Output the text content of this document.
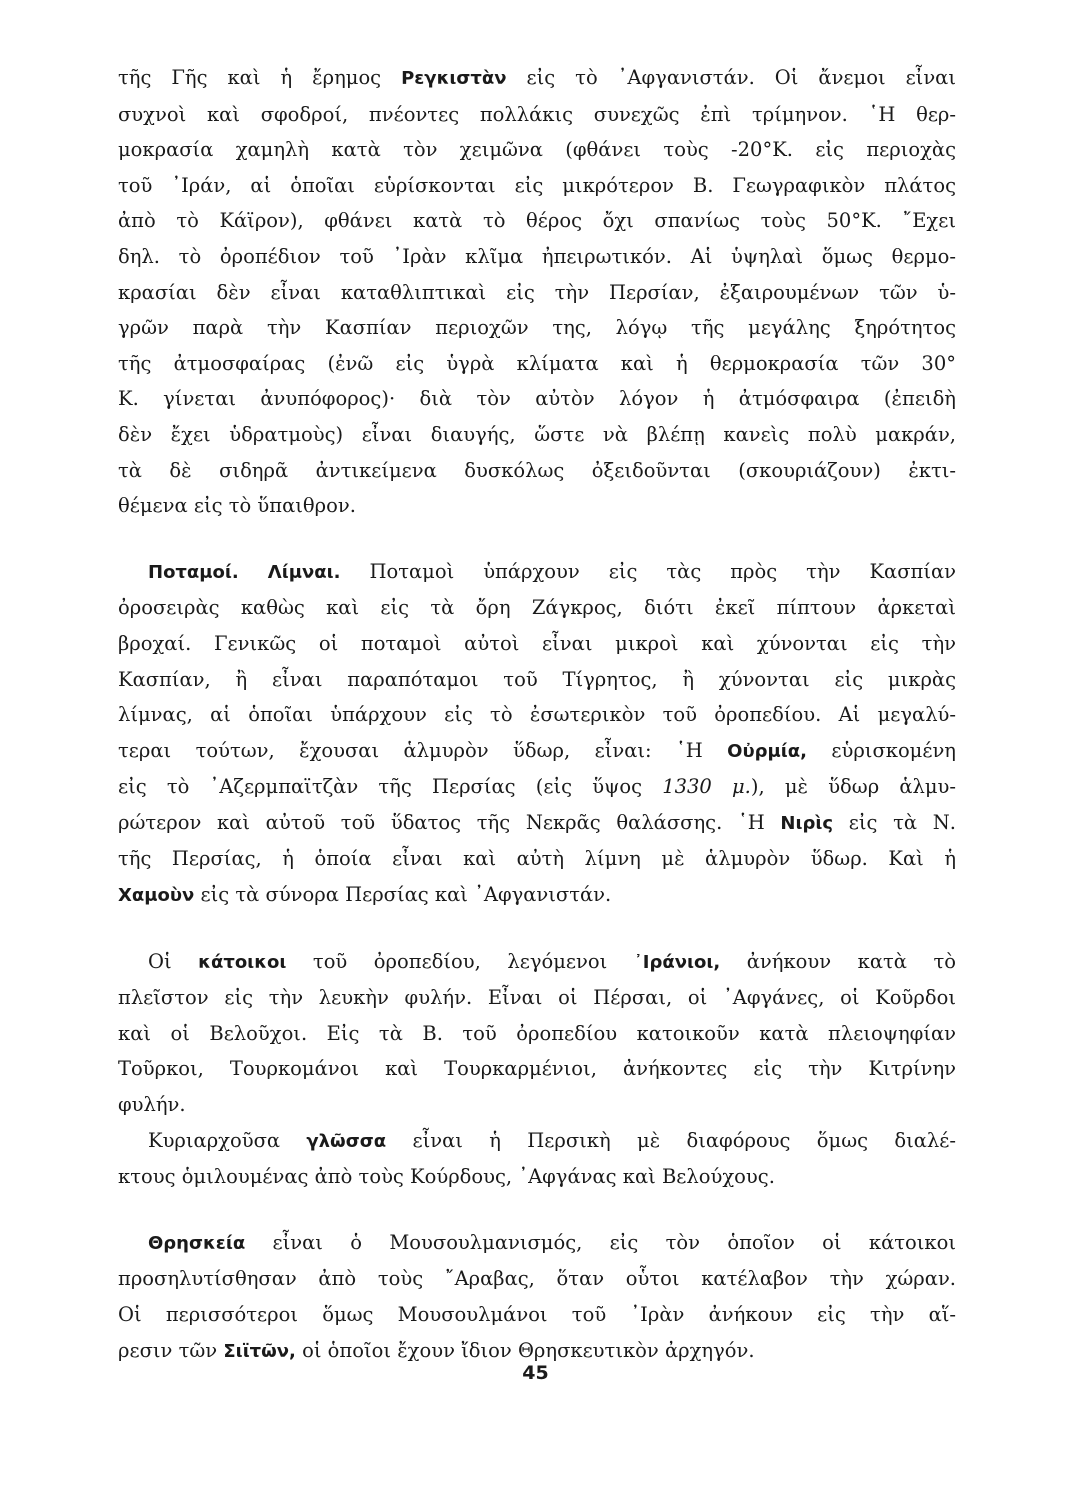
τῆς Γῆς καὶ ἡ ἔρημος Ρεγκιστὰν εἰς τὸ ᾿Αφγανιστάν. Οἱ ἄνεμοι εἶναι
συχνοὶ καὶ σφοδροί, πνέοντες πολλάκις συνεχῶς ἐπὶ τρίμηνον. ῾Η θερ-
μοκρασία χαμηλὴ κατὰ τὸν χειμῶνα (φθάνει τοὺς -20°Κ. εἰς περιοχὰς
τοῦ ᾿Ιράν, αἱ ὁποῖαι εὑρίσκονται εἰς μικρότερον Β. Γεωγραφικὸν πλάτος
ἀπὸ τὸ Κάϊρον), φθάνει κατὰ τὸ θέρος ὄχι σπανίως τοὺς 50°Κ. ῎Εχει
δηλ. τὸ ὀροπέδιον τοῦ ᾿Ιρὰν κλῖμα ἠπειρωτικόν. Αἱ ὑψηλαὶ ὅμως θερμο-
κρασίαι δὲν εἶναι καταθλιπτικαὶ εἰς τὴν Περσίαν, ἐξαιρουμένων τῶν ὑ-
γρῶν παρὰ τὴν Κασπίαν περιοχῶν της, λόγῳ τῆς μεγάλης ξηρότητος
τῆς ἀτμοσφαίρας (ἐνῶ εἰς ὑγρὰ κλίματα καὶ ἡ θερμοκρασία τῶν 30°
Κ. γίνεται ἀνυπόφορος)· διὰ τὸν αὐτὸν λόγον ἡ ἀτμόσφαιρα (ἐπειδὴ
δὲν ἔχει ὑδρατμοὺς) εἶναι διαυγής, ὥστε νὰ βλέπῃ κανεὶς πολὺ μακράν,
τὰ δὲ σιδηρᾶ ἀντικείμενα δυσκόλως ὀξειδοῦνται (σκουριάζουν) ἐκτι-
θέμενα εἰς τὸ ὕπαιθρον.
Ποταμοί. Λίμναι. Ποταμοὶ ὑπάρχουν εἰς τὰς πρὸς τὴν Κασπίαν
ὀροσειρὰς καθὼς καὶ εἰς τὰ ὄρη Ζάγκρος, διότι ἐκεῖ πίπτουν ἀρκεταὶ
βροχαί. Γενικῶς οἱ ποταμοὶ αὐτοὶ εἶναι μικροὶ καὶ χύνονται εἰς τὴν
Κασπίαν, ἢ εἶναι παραπόταμοι τοῦ Τίγρητος, ἢ χύνονται εἰς μικρὰς
λίμνας, αἱ ὁποῖαι ὑπάρχουν εἰς τὸ ἐσωτερικὸν τοῦ ὀροπεδίου. Αἱ μεγαλύ-
τεραι τούτων, ἔχουσαι ἁλμυρὸν ὕδωρ, εἶναι: ῾Η Οὐρμία, εὑρισκομένη
εἰς τὸ ᾿Αζερμπαϊτζὰν τῆς Περσίας (εἰς ὕψος 1330 μ.), μὲ ὕδωρ ἁλμυ-
ρώτερον καὶ αὐτοῦ τοῦ ὕδατος τῆς Νεκρᾶς θαλάσσης. ῾Η Νιρὶς εἰς τὰ Ν.
τῆς Περσίας, ἡ ὁποία εἶναι καὶ αὐτὴ λίμνη μὲ ἁλμυρὸν ὕδωρ. Καὶ ἡ
Χαμοὺν εἰς τὰ σύνορα Περσίας καὶ ᾿Αφγανιστάν.
Οἱ κάτοικοι τοῦ ὀροπεδίου, λεγόμενοι ᾿Ιράνιοι, ἀνήκουν κατὰ τὸ
πλεῖστον εἰς τὴν λευκὴν φυλήν. Εἶναι οἱ Πέρσαι, οἱ ᾿Αφγάνες, οἱ Κοῦρδοι
καὶ οἱ Βελοῦχοι. Εἰς τὰ Β. τοῦ ὀροπεδίου κατοικοῦν κατὰ πλειοψηφίαν
Τοῦρκοι, Τουρκομάνοι καὶ Τουρκαρμένιοι, ἀνήκοντες εἰς τὴν Κιτρίνην
φυλήν.
Κυριαρχοῦσα γλῶσσα εἶναι ἡ Περσικὴ μὲ διαφόρους ὅμως διαλέ-
κτους ὁμιλουμένας ἀπὸ τοὺς Κούρδους, ᾿Αφγάνας καὶ Βελούχους.
Θρησκεία εἶναι ὁ Μουσουλμανισμός, εἰς τὸν ὁποῖον οἱ κάτοικοι
προσηλυτίσθησαν ἀπὸ τοὺς ῎Αραβας, ὅταν οὗτοι κατέλαβον τὴν χώραν.
Οἱ περισσότεροι ὅμως Μουσουλμάνοι τοῦ ᾿Ιρὰν ἀνήκουν εἰς τὴν αἵ-
ρεσιν τῶν Σιϊτῶν, οἱ ὁποῖοι ἔχουν ἴδιον Θρησκευτικὸν ἀρχηγόν.
45
